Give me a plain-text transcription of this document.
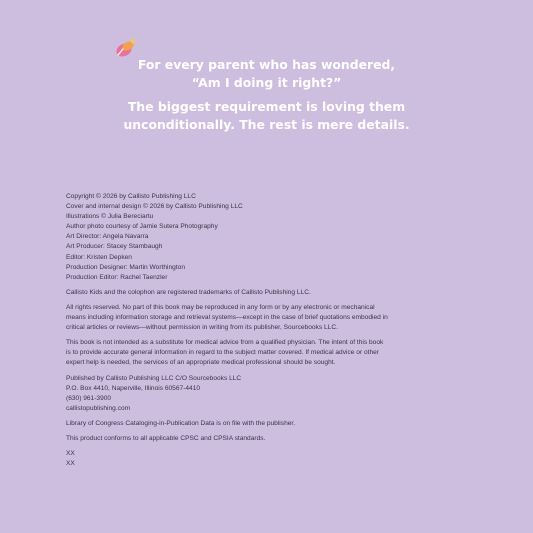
For every parent who has wondered,
“Am I doing it right?”
The biggest requirement is loving them
unconditionally. The rest is mere details.
Copyright © 2026 by Callisto Publishing LLC
Cover and internal design © 2026 by Callisto Publishing LLC
Illustrations © Julia Bereciartu
Author photo courtesy of Jamie Sutera Photography
Art Director: Angela Navarra
Art Producer: Stacey Stambaugh
Editor: Kristen Depken
Production Designer: Martin Worthington
Production Editor: Rachel Taenzler
Callisto Kids and the colophon are registered trademarks of Callisto Publishing LLC.
All rights reserved. No part of this book may be reproduced in any form or by any electronic or mechanical
means including information storage and retrieval systems—except in the case of brief quotations embodied in
critical articles or reviews—without permission in writing from its publisher, Sourcebooks LLC.
This book is not intended as a substitute for medical advice from a qualified physician. The intent of this book
is to provide accurate general information in regard to the subject matter covered. If medical advice or other
expert help is needed, the services of an appropriate medical professional should be sought.
Published by Callisto Publishing LLC C/O Sourcebooks LLC
P.O. Box 4410, Naperville, Illinois 60567-4410
(630) 961-3900
callistopublishing.com
Library of Congress Cataloging-in-Publication Data is on file with the publisher.
This product conforms to all applicable CPSC and CPSIA standards.
XX
XX
